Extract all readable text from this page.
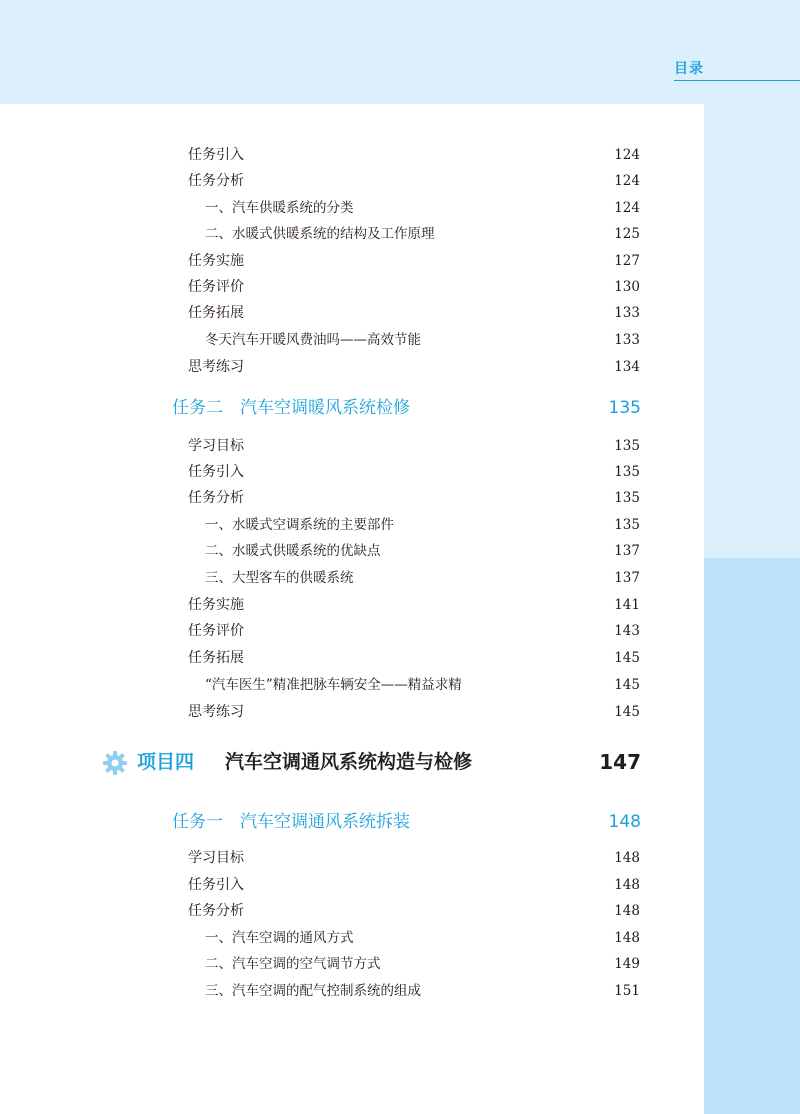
目录
任务引入	124
任务分析	124
一、汽车供暖系统的分类	124
二、水暖式供暖系统的结构及工作原理	125
任务实施	127
任务评价	130
任务拓展	133
冬天汽车开暖风费油吗——高效节能	133
思考练习	134
任务二　汽车空调暖风系统检修	135
学习目标	135
任务引入	135
任务分析	135
一、水暖式空调系统的主要部件	135
二、水暖式供暖系统的优缺点	137
三、大型客车的供暖系统	137
任务实施	141
任务评价	143
任务拓展	145
“汽车医生”精准把脉车辆安全——精益求精	145
思考练习	145
项目四 汽车空调通风系统构造与检修	147
任务一　汽车空调通风系统拆装	148
学习目标	148
任务引入	148
任务分析	148
一、汽车空调的通风方式	148
二、汽车空调的空气调节方式	149
三、汽车空调的配气控制系统的组成	151
